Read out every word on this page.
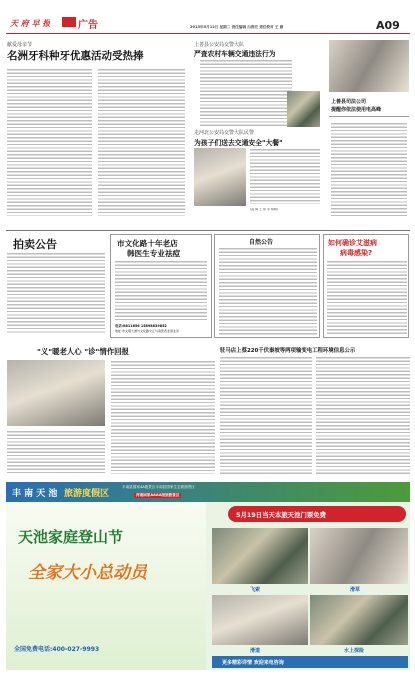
天 府 早 报	广告	2015年5月12日 星期二 责任编辑 白春宏 责任校对 王 婕	A09
献爱母亲节
名洲牙科种牙优惠活动受热捧
上善县公安局交警大队
严查农村车辆交通违法行为
走河北公安局交警大队民警
为孩子们送去交通安全"大餐"
(高 梅 王 艳 李 婷婷)
上善县司法公司
提醒你依法使用电高峰
拍卖公告	市文化路十年老店
韩医生专业祛痘
电话:8811856 15898839852
地址:市文明大道与文化路交汇与南医西北商业旁
自然公告	如何确诊艾滋病
病毒感染?
"义"暖老人心 "诊"情作回报	驻马店上蔡220千伏秦坡等两项输变电工程环境信息公示
丰 南 天 池 旅游度假区
丰南县国家4A级景区丰南县国家生态旅游景区
河南国家AAAA级旅游景区
天池家庭登山节
全家大小总动员
全国免费电话:400-027-9993
5月19日当天本旅天池门票免费
飞索	滑草
滑道	水上探险
更多精彩详情 欢迎来电咨询
